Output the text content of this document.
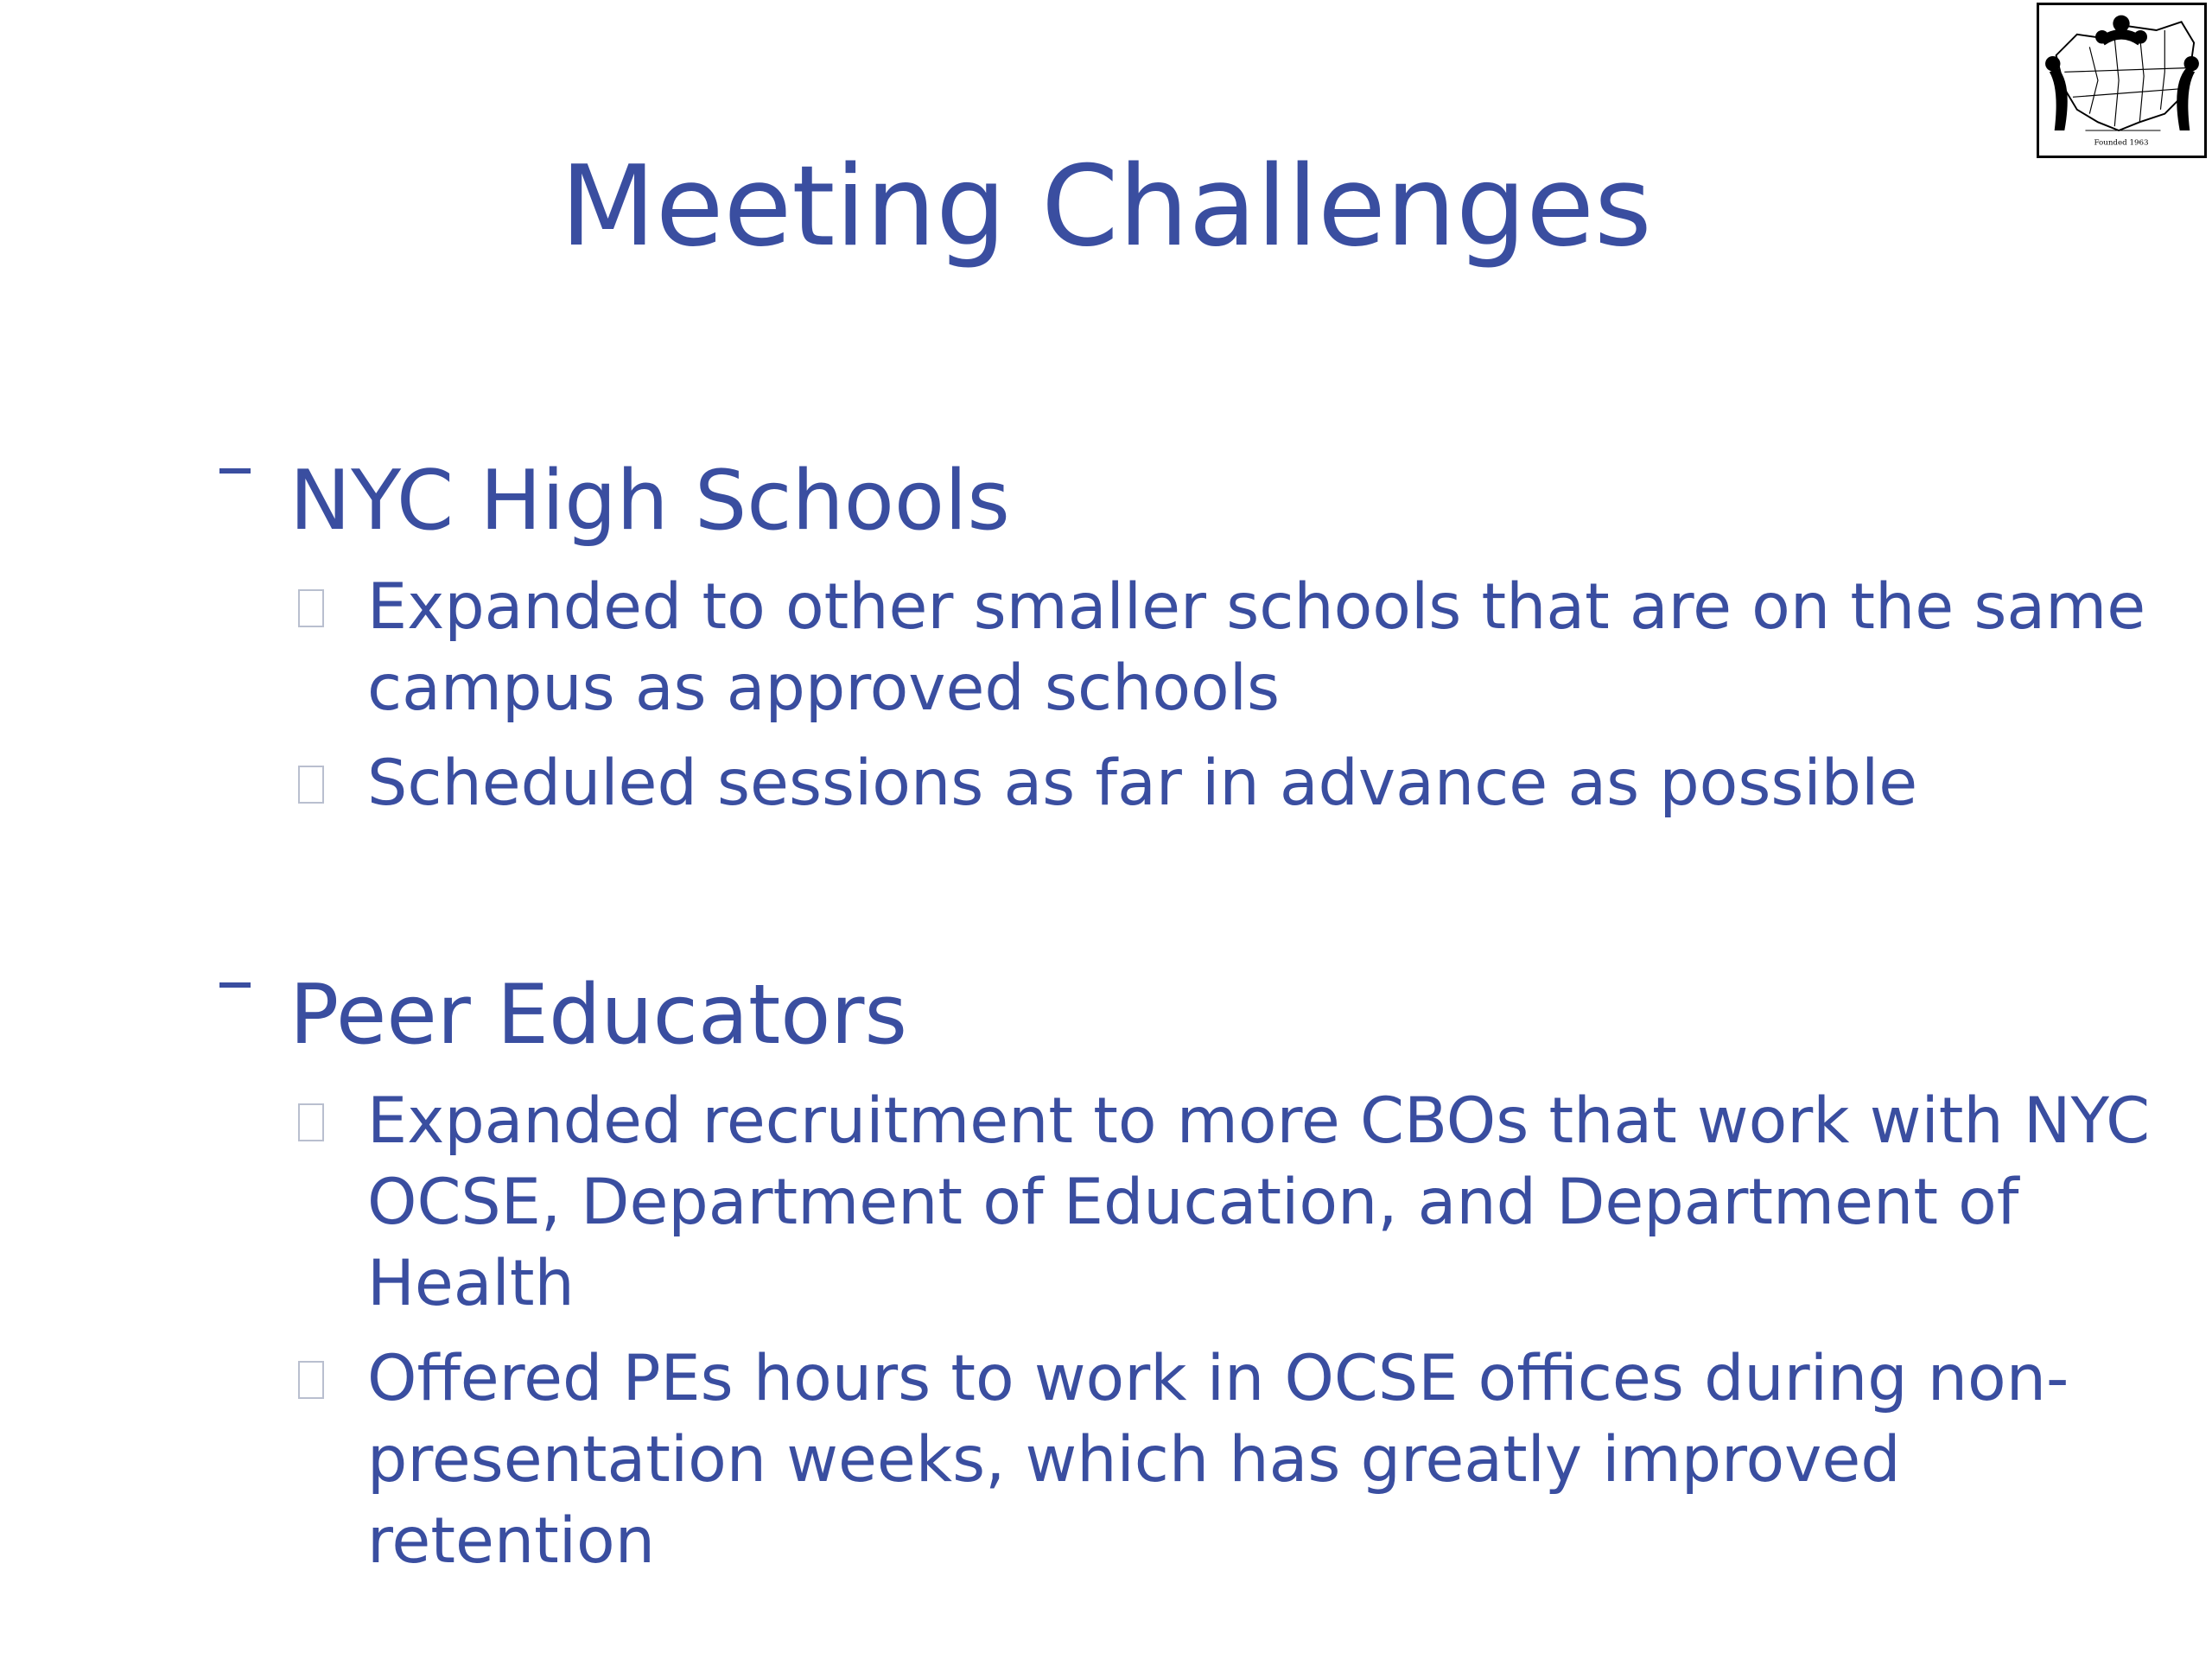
Founded 1963
Meeting Challenges
NYC High Schools
Expanded to other smaller schools that are on the same campus as approved schools
Scheduled sessions as far in advance as possible
Peer Educators
Expanded recruitment to more CBOs that work with NYC OCSE, Department of Education, and Department of Health
Offered PEs hours to work in OCSE offices during non-presentation weeks, which has greatly improved retention
